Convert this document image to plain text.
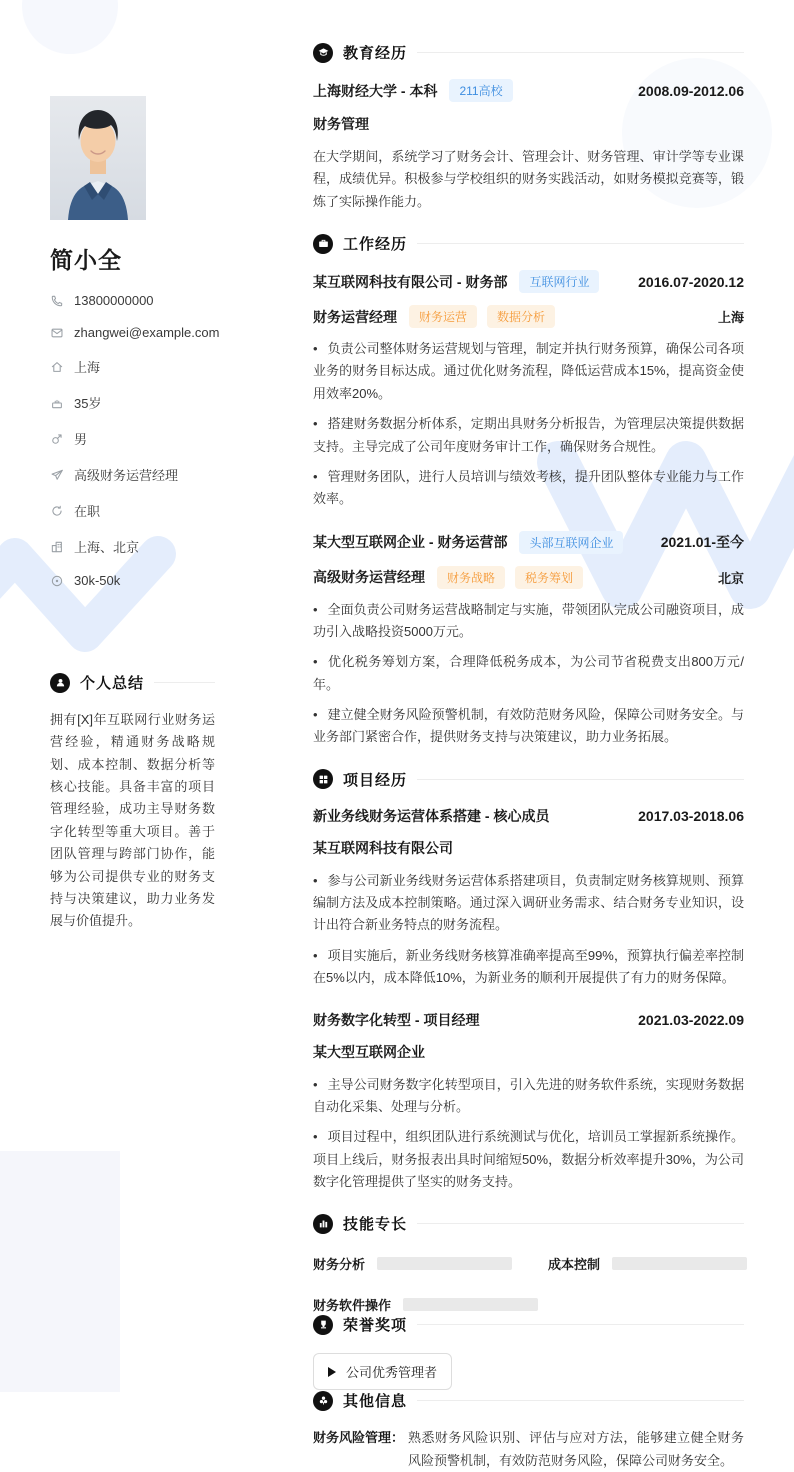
简小全
13800000000
zhangwei@example.com
上海
35岁
男
高级财务运营经理
在职
上海、北京
30k-50k
个人总结

拥有[X]年互联网行业财务运营经验，精通财务战略规划、成本控制、数据分析等核心技能。具备丰富的项目管理经验，成功主导财务数字化转型等重大项目。善于团队管理与跨部门协作，能够为公司提供专业的财务支持与决策建议，助力业务发展与价值提升。

教育经历
上海财经大学 - 本科	211高校	2008.09-2012.06
财务管理

在大学期间，系统学习了财务会计、管理会计、财务管理、审计学等专业课程，成绩优异。积极参与学校组织的财务实践活动，如财务模拟竞赛等，锻炼了实际操作能力。

工作经历
某互联网科技有限公司 - 财务部	互联网行业	2016.07-2020.12
财务运营经理	财务运营	数据分析	上海

• 负责公司整体财务运营规划与管理，制定并执行财务预算，确保公司各项业务的财务目标达成。通过优化财务流程，降低运营成本15%，提高资金使用效率20%。

• 搭建财务数据分析体系，定期出具财务分析报告，为管理层决策提供数据支持。主导完成了公司年度财务审计工作，确保财务合规性。

• 管理财务团队，进行人员培训与绩效考核，提升团队整体专业能力与工作效率。

某大型互联网企业 - 财务运营部	头部互联网企业	2021.01-至今
高级财务运营经理	财务战略	税务筹划	北京

• 全面负责公司财务运营战略制定与实施，带领团队完成公司融资项目，成功引入战略投资5000万元。

• 优化税务筹划方案，合理降低税务成本，为公司节省税费支出800万元/年。

• 建立健全财务风险预警机制，有效防范财务风险，保障公司财务安全。与业务部门紧密合作，提供财务支持与决策建议，助力业务拓展。

项目经历
新业务线财务运营体系搭建 - 核心成员	2017.03-2018.06
某互联网科技有限公司

• 参与公司新业务线财务运营体系搭建项目，负责制定财务核算规则、预算编制方法及成本控制策略。通过深入调研业务需求、结合财务专业知识，设计出符合新业务特点的财务流程。

• 项目实施后，新业务线财务核算准确率提高至99%，预算执行偏差率控制在5%以内，成本降低10%，为新业务的顺利开展提供了有力的财务保障。

财务数字化转型 - 项目经理	2021.03-2022.09
某大型互联网企业

• 主导公司财务数字化转型项目，引入先进的财务软件系统，实现财务数据自动化采集、处理与分析。

• 项目过程中，组织团队进行系统测试与优化，培训员工掌握新系统操作。项目上线后，财务报表出具时间缩短50%，数据分析效率提升30%，为公司数字化管理提供了坚实的财务支持。

技能专长
财务分析	成本控制
财务软件操作
荣誉奖项
公司优秀管理者
其他信息
财务风险管理： 熟悉财务风险识别、评估与应对方法，能够建立健全财务风险预警机制，有效防范财务风险，保障公司财务安全。
